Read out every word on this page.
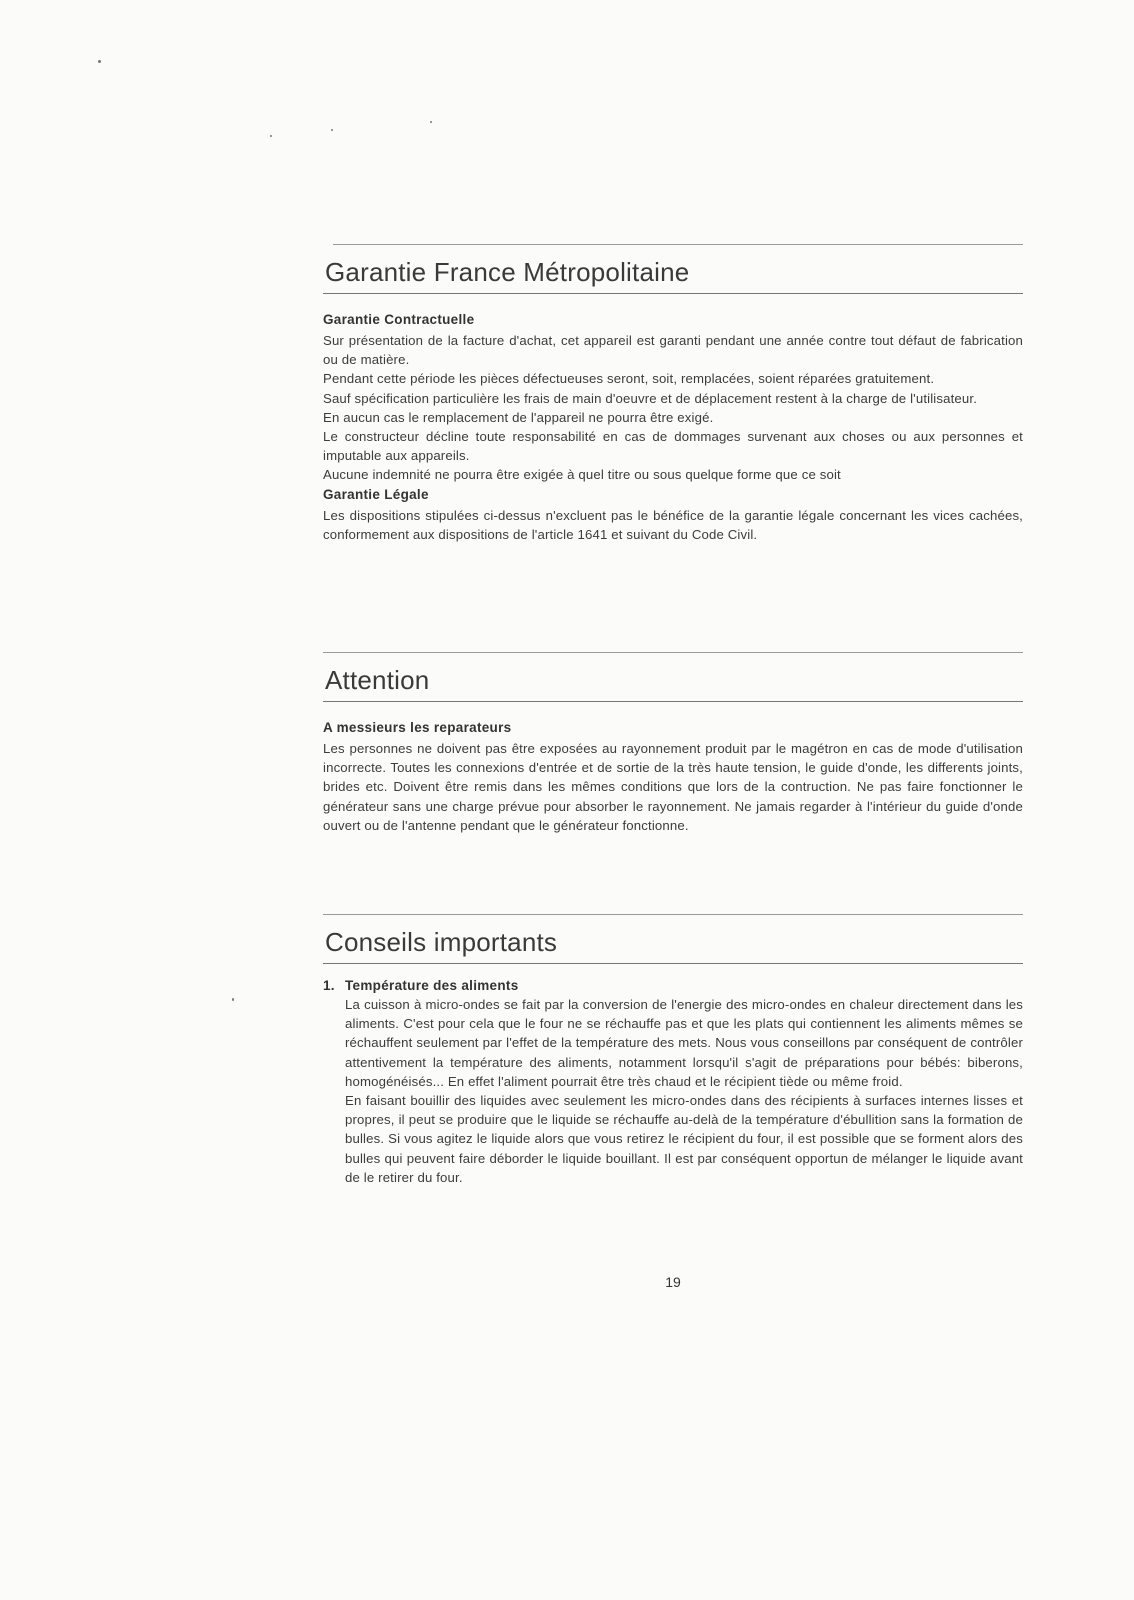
Garantie France Métropolitaine
Garantie Contractuelle

Sur présentation de la facture d'achat, cet appareil est garanti pendant une année contre tout défaut de fabrication ou de matière.

Pendant cette période les pièces défectueuses seront, soit, remplacées, soient réparées gratuitement.

Sauf spécification particulière les frais de main d'oeuvre et de déplacement restent à la charge de l'utilisateur.

En aucun cas le remplacement de l'appareil ne pourra être exigé.

Le constructeur décline toute responsabilité en cas de dommages survenant aux choses ou aux personnes et imputable aux appareils.

Aucune indemnité ne pourra être exigée à quel titre ou sous quelque forme que ce soit

Garantie Légale

Les dispositions stipulées ci-dessus n'excluent pas le bénéfice de la garantie légale concernant les vices cachées, conformement aux dispositions de l'article 1641 et suivant du Code Civil.

Attention
A messieurs les reparateurs

Les personnes ne doivent pas être exposées au rayonnement produit par le magétron en cas de mode d'utilisation incorrecte. Toutes les connexions d'entrée et de sortie de la très haute tension, le guide d'onde, les differents joints, brides etc. Doivent être remis dans les mêmes conditions que lors de la contruction. Ne pas faire fonctionner le générateur sans une charge prévue pour absorber le rayonnement. Ne jamais regarder à l'intérieur du guide d'onde ouvert ou de l'antenne pendant que le générateur fonctionne.

Conseils importants
1. Température des aliments

La cuisson à micro-ondes se fait par la conversion de l'energie des micro-ondes en chaleur directement dans les aliments. C'est pour cela que le four ne se réchauffe pas et que les plats qui contiennent les aliments mêmes se réchauffent seulement par l'effet de la température des mets. Nous vous conseillons par conséquent de contrôler attentivement la température des aliments, notamment lorsqu'il s'agit de préparations pour bébés: biberons, homogénéisés... En effet l'aliment pourrait être très chaud et le récipient tiède ou même froid.

En faisant bouillir des liquides avec seulement les micro-ondes dans des récipients à surfaces internes lisses et propres, il peut se produire que le liquide se réchauffe au-delà de la température d'ébullition sans la formation de bulles. Si vous agitez le liquide alors que vous retirez le récipient du four, il est possible que se forment alors des bulles qui peuvent faire déborder le liquide bouillant. Il est par conséquent opportun de mélanger le liquide avant de le retirer du four.

19
